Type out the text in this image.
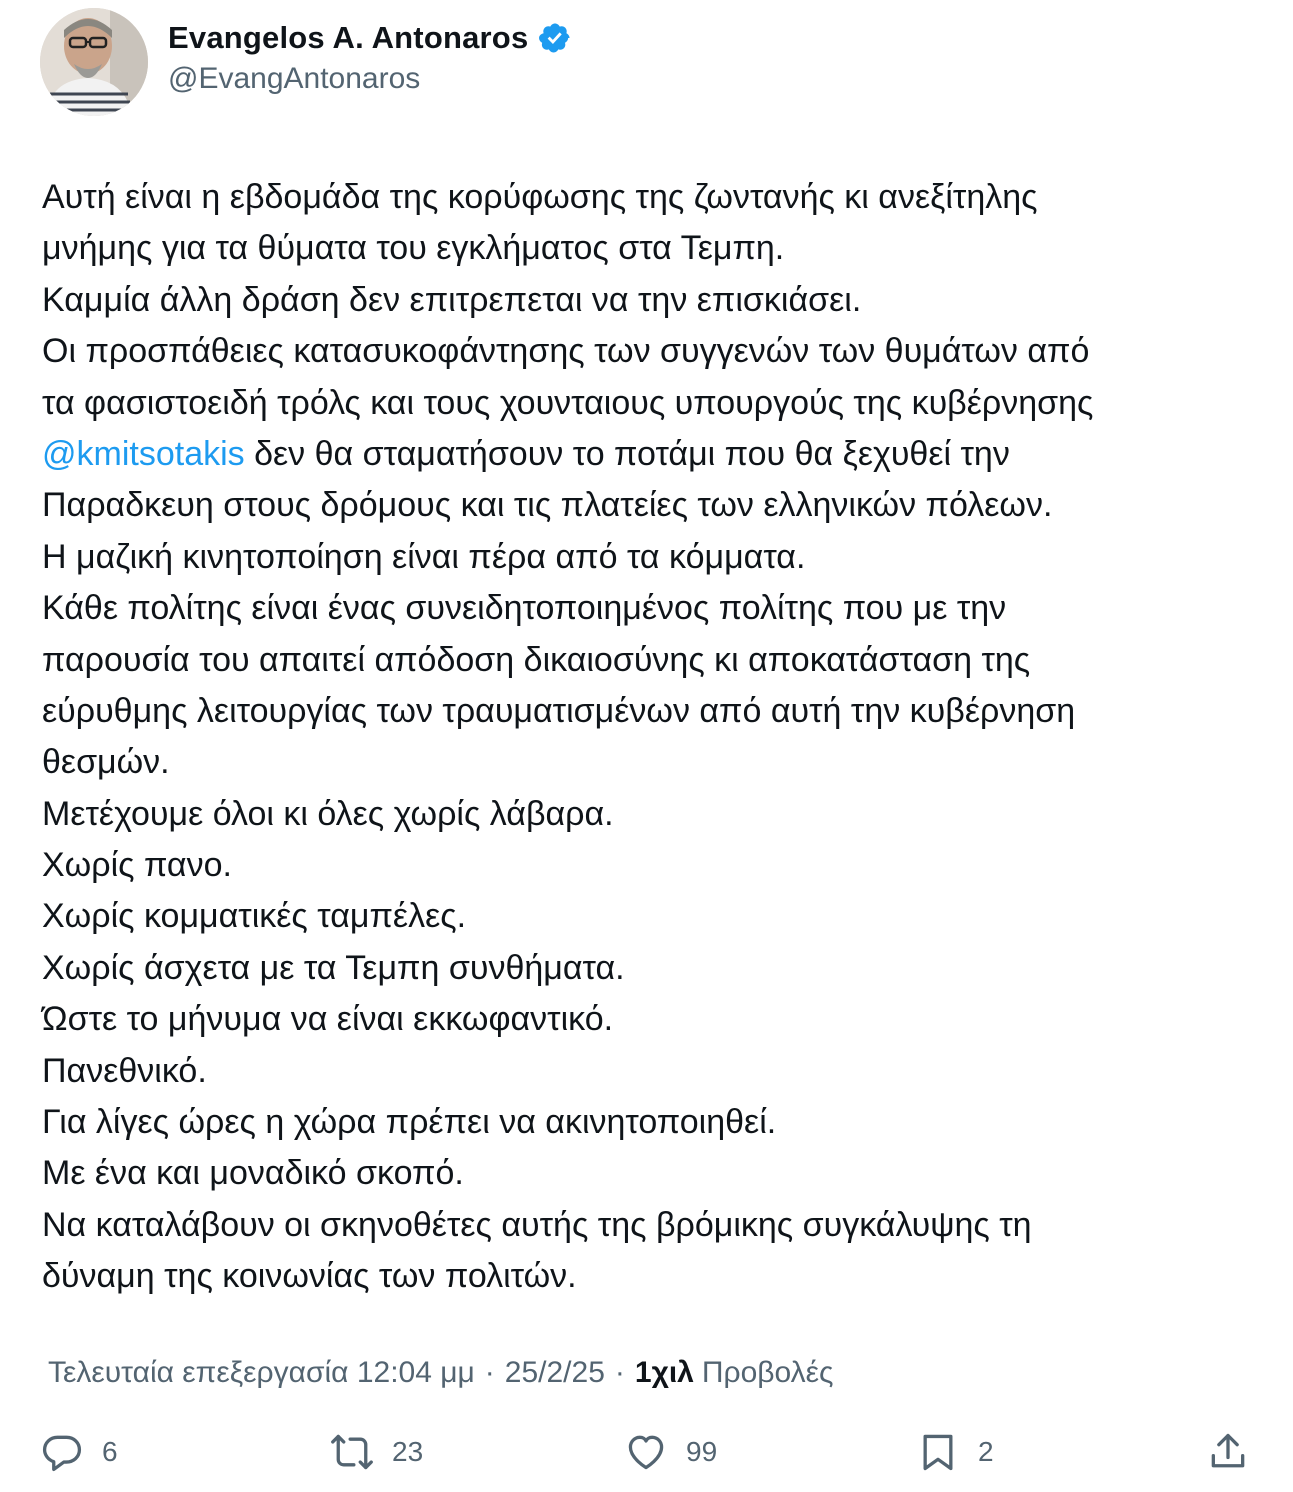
Evangelos A. Antonaros
@EvangAntonaros
Αυτή είναι η εβδομάδα της κορύφωσης της ζωντανής κι ανεξίτηλης
μνήμης για τα θύματα του εγκλήματος στα Τεμπη.
Καμμία άλλη δράση δεν επιτρεπεται να την επισκιάσει.
Οι προσπάθειες κατασυκοφάντησης των συγγενών των θυμάτων από
τα φασιστοειδή τρόλς και τους χουνταιους υπουργούς της κυβέρνησης
@kmitsotakis δεν θα σταματήσουν το ποτάμι που θα ξεχυθεί την
Παραδκευη στους δρόμους και τις πλατείες των ελληνικών πόλεων.
Η μαζική κινητοποίηση είναι πέρα από τα κόμματα.
Κάθε πολίτης είναι ένας συνειδητοποιημένος πολίτης που με την
παρουσία του απαιτεί απόδοση δικαιοσύνης κι αποκατάσταση της
εύρυθμης λειτουργίας των τραυματισμένων από αυτή την κυβέρνηση
θεσμών.
Μετέχουμε όλοι κι όλες χωρίς λάβαρα.
Χωρίς πανο.
Χωρίς κομματικές ταμπέλες.
Χωρίς άσχετα με τα Τεμπη συνθήματα.
Ώστε το μήνυμα να είναι εκκωφαντικό.
Πανεθνικό.
Για λίγες ώρες η χώρα πρέπει να ακινητοποιηθεί.
Με ένα και μοναδικό σκοπό.
Να καταλάβουν οι σκηνοθέτες αυτής της βρόμικης συγκάλυψης τη
δύναμη της κοινωνίας των πολιτών.
Τελευταία επεξεργασία 12:04 μμ · 25/2/25 · 1χιλ Προβολές
6	23	99	2
